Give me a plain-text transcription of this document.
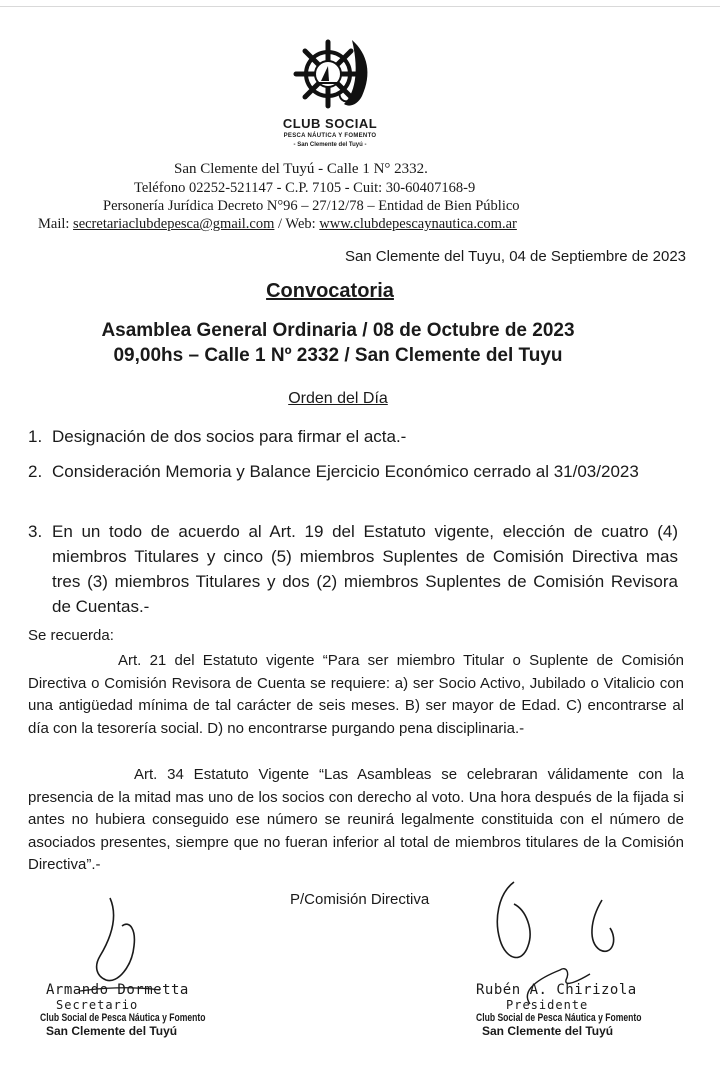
CLUB SOCIAL
PESCA NÁUTICA Y FOMENTO
- San Clemente del Tuyú -
San Clemente del Tuyú - Calle 1 N° 2332.
Teléfono 02252-521147 - C.P. 7105 - Cuit: 30-60407168-9
Personería Jurídica Decreto N°96 – 27/12/78 – Entidad de Bien Público
Mail: secretariaclubdepesca@gmail.com / Web: www.clubdepescaynautica.com.ar
San Clemente del Tuyu, 04 de Septiembre de 2023
Convocatoria
Asamblea General Ordinaria / 08 de Octubre de 2023
09,00hs – Calle 1 Nº 2332 / San Clemente del Tuyu
Orden del Día
1. Designación de dos socios para firmar el acta.-
2. Consideración Memoria y Balance Ejercicio Económico cerrado al 31/03/2023
3. En un todo de acuerdo al Art. 19 del Estatuto vigente, elección de cuatro (4) miembros Titulares y cinco (5) miembros Suplentes de Comisión Directiva mas tres (3) miembros Titulares y dos (2) miembros Suplentes de Comisión Revisora de Cuentas.-
Se recuerda:
Art. 21 del Estatuto vigente “Para ser miembro Titular o Suplente de Comisión Directiva o Comisión Revisora de Cuenta se requiere: a) ser Socio Activo, Jubilado o Vitalicio con una antigüedad mínima de tal carácter de seis meses. B) ser mayor de Edad. C) encontrarse al día con la tesorería social. D) no encontrarse purgando pena disciplinaria.-
Art. 34 Estatuto Vigente “Las Asambleas se celebraran válidamente con la presencia de la mitad mas uno de los socios con derecho al voto. Una hora después de la fijada si antes no hubiera conseguido ese número se reunirá legalmente constituida con el número de asociados presentes, siempre que no fueran inferior al total de miembros titulares de la Comisión Directiva”.-
P/Comisión Directiva
Armando Dormetta
Secretario
Club Social de Pesca Náutica y Fomento
San Clemente del Tuyú
Rubén A. Chirizola
Presidente
Club Social de Pesca Náutica y Fomento
San Clemente del Tuyú
